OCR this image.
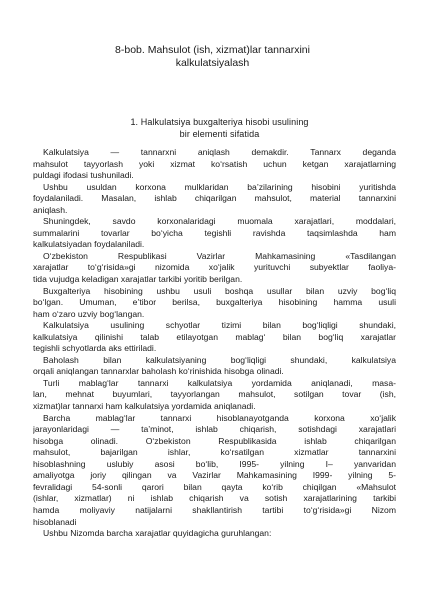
8-bob. Mahsulot (ish, xizmat)lar tannarxini
kalkulatsiyalash
1. Halkulatsiya buxgalteriya hisobi usulining
bir elementi sifatida
Kalkulatsiya — tannarxni aniqlash demakdir. Tannarx deganda
mahsulot tayyorlash yoki xizmat ko‘rsatish uchun ketgan xarajatlarning
puldagi ifodasi tushuniladi.
Ushbu usuldan korxona mulklaridan ba’zilarining hisobini yuritishda
foydalaniladi. Masalan, ishlab chiqarilgan mahsulot, material tannarxini
aniqlash.
Shuningdek, savdo korxonalaridagi muomala xarajatlari, moddalari,
summalarini tovarlar bo‘yicha tegishli ravishda taqsimlashda ham
kalkulatsiyadan foydalaniladi.
O‘zbekiston Respublikasi Vazirlar Mahkamasining «Tasdilangan
xarajatlar to‘g‘risida»gi nizomida xo‘jalik yurituvchi subyektlar faoliya-
tida vujudga keladigan xarajatlar tarkibi yoritib berilgan.
Buxgalteriya hisobining ushbu usuli boshqa usullar bilan uzviy bog‘liq
bo‘lgan. Umuman, e’tibor berilsa, buxgalteriya hisobining hamma usuli
ham o‘zaro uzviy bog‘langan.
Kalkulatsiya usulining schyotlar tizimi bilan bog‘liqligi shundaki,
kalkulatsiya qilinishi talab etilayotgan mablag‘ bilan bog‘liq xarajatlar
tegishli schyotlarda aks ettiriladi.
Baholash bilan kalkulatsiyaning bog‘liqligi shundaki, kalkulatsiya
orqali aniqlangan tannarxlar baholash ko‘rinishida hisobga olinadi.
Turli mablag‘lar tannarxi kalkulatsiya yordamida aniqlanadi, masa-
lan, mehnat buyumlari, tayyorlangan mahsulot, sotilgan tovar (ish,
xizmat)lar tannarxi ham kalkulatsiya yordamida aniqlanadi.
Barcha mablag‘lar tannarxi hisoblanayotganda korxona xo‘jalik
jarayonlaridagi — ta’minot, ishlab chiqarish, sotishdagi xarajatlari
hisobga olinadi. O‘zbekiston Respublikasida ishlab chiqarilgan
mahsulot, bajarilgan ishlar, ko‘rsatilgan xizmatlar tannarxini
hisoblashning uslubiy asosi bo‘lib, I995- yilning I– yanvaridan
amaliyotga joriy qilingan va Vazirlar Mahkamasining I999- yilning 5-
fevralidagi 54-sonli qarori bilan qayta ko‘rib chiqilgan «Mahsulot
(ishlar, xizmatlar) ni ishlab chiqarish va sotish xarajatlarining tarkibi
hamda moliyaviy natijalarni shakllantirish tartibi to‘g‘risida»gi Nizom
hisoblanadi
Ushbu Nizomda barcha xarajatlar quyidagicha guruhlangan:
